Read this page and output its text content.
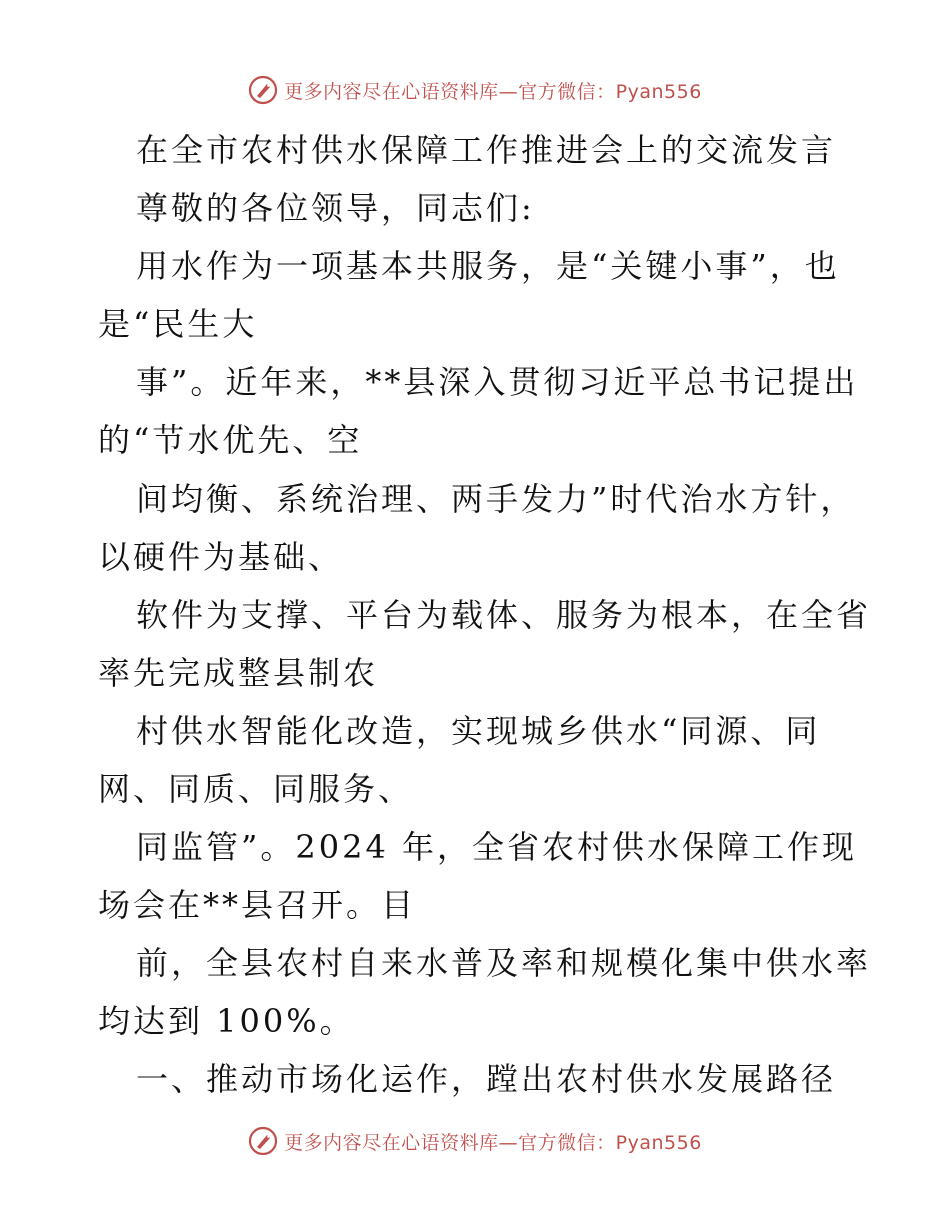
更多内容尽在心语资料库—官方微信：Pyan556
在全市农村供水保障工作推进会上的交流发言
尊敬的各位领导，同志们:
用水作为一项基本共服务，是“关键小事”，也
是“民生大
事”。近年来，**县深入贯彻习近平总书记提出
的“节水优先、空
间均衡、系统治理、两手发力”时代治水方针，
以硬件为基础、
软件为支撑、平台为载体、服务为根本，在全省
率先完成整县制农
村供水智能化改造，实现城乡供水“同源、同
网、同质、同服务、
同监管”。2024 年，全省农村供水保障工作现
场会在**县召开。目
前，全县农村自来水普及率和规模化集中供水率
均达到 100%。
一、推动市场化运作，蹚出农村供水发展路径
更多内容尽在心语资料库—官方微信：Pyan556
